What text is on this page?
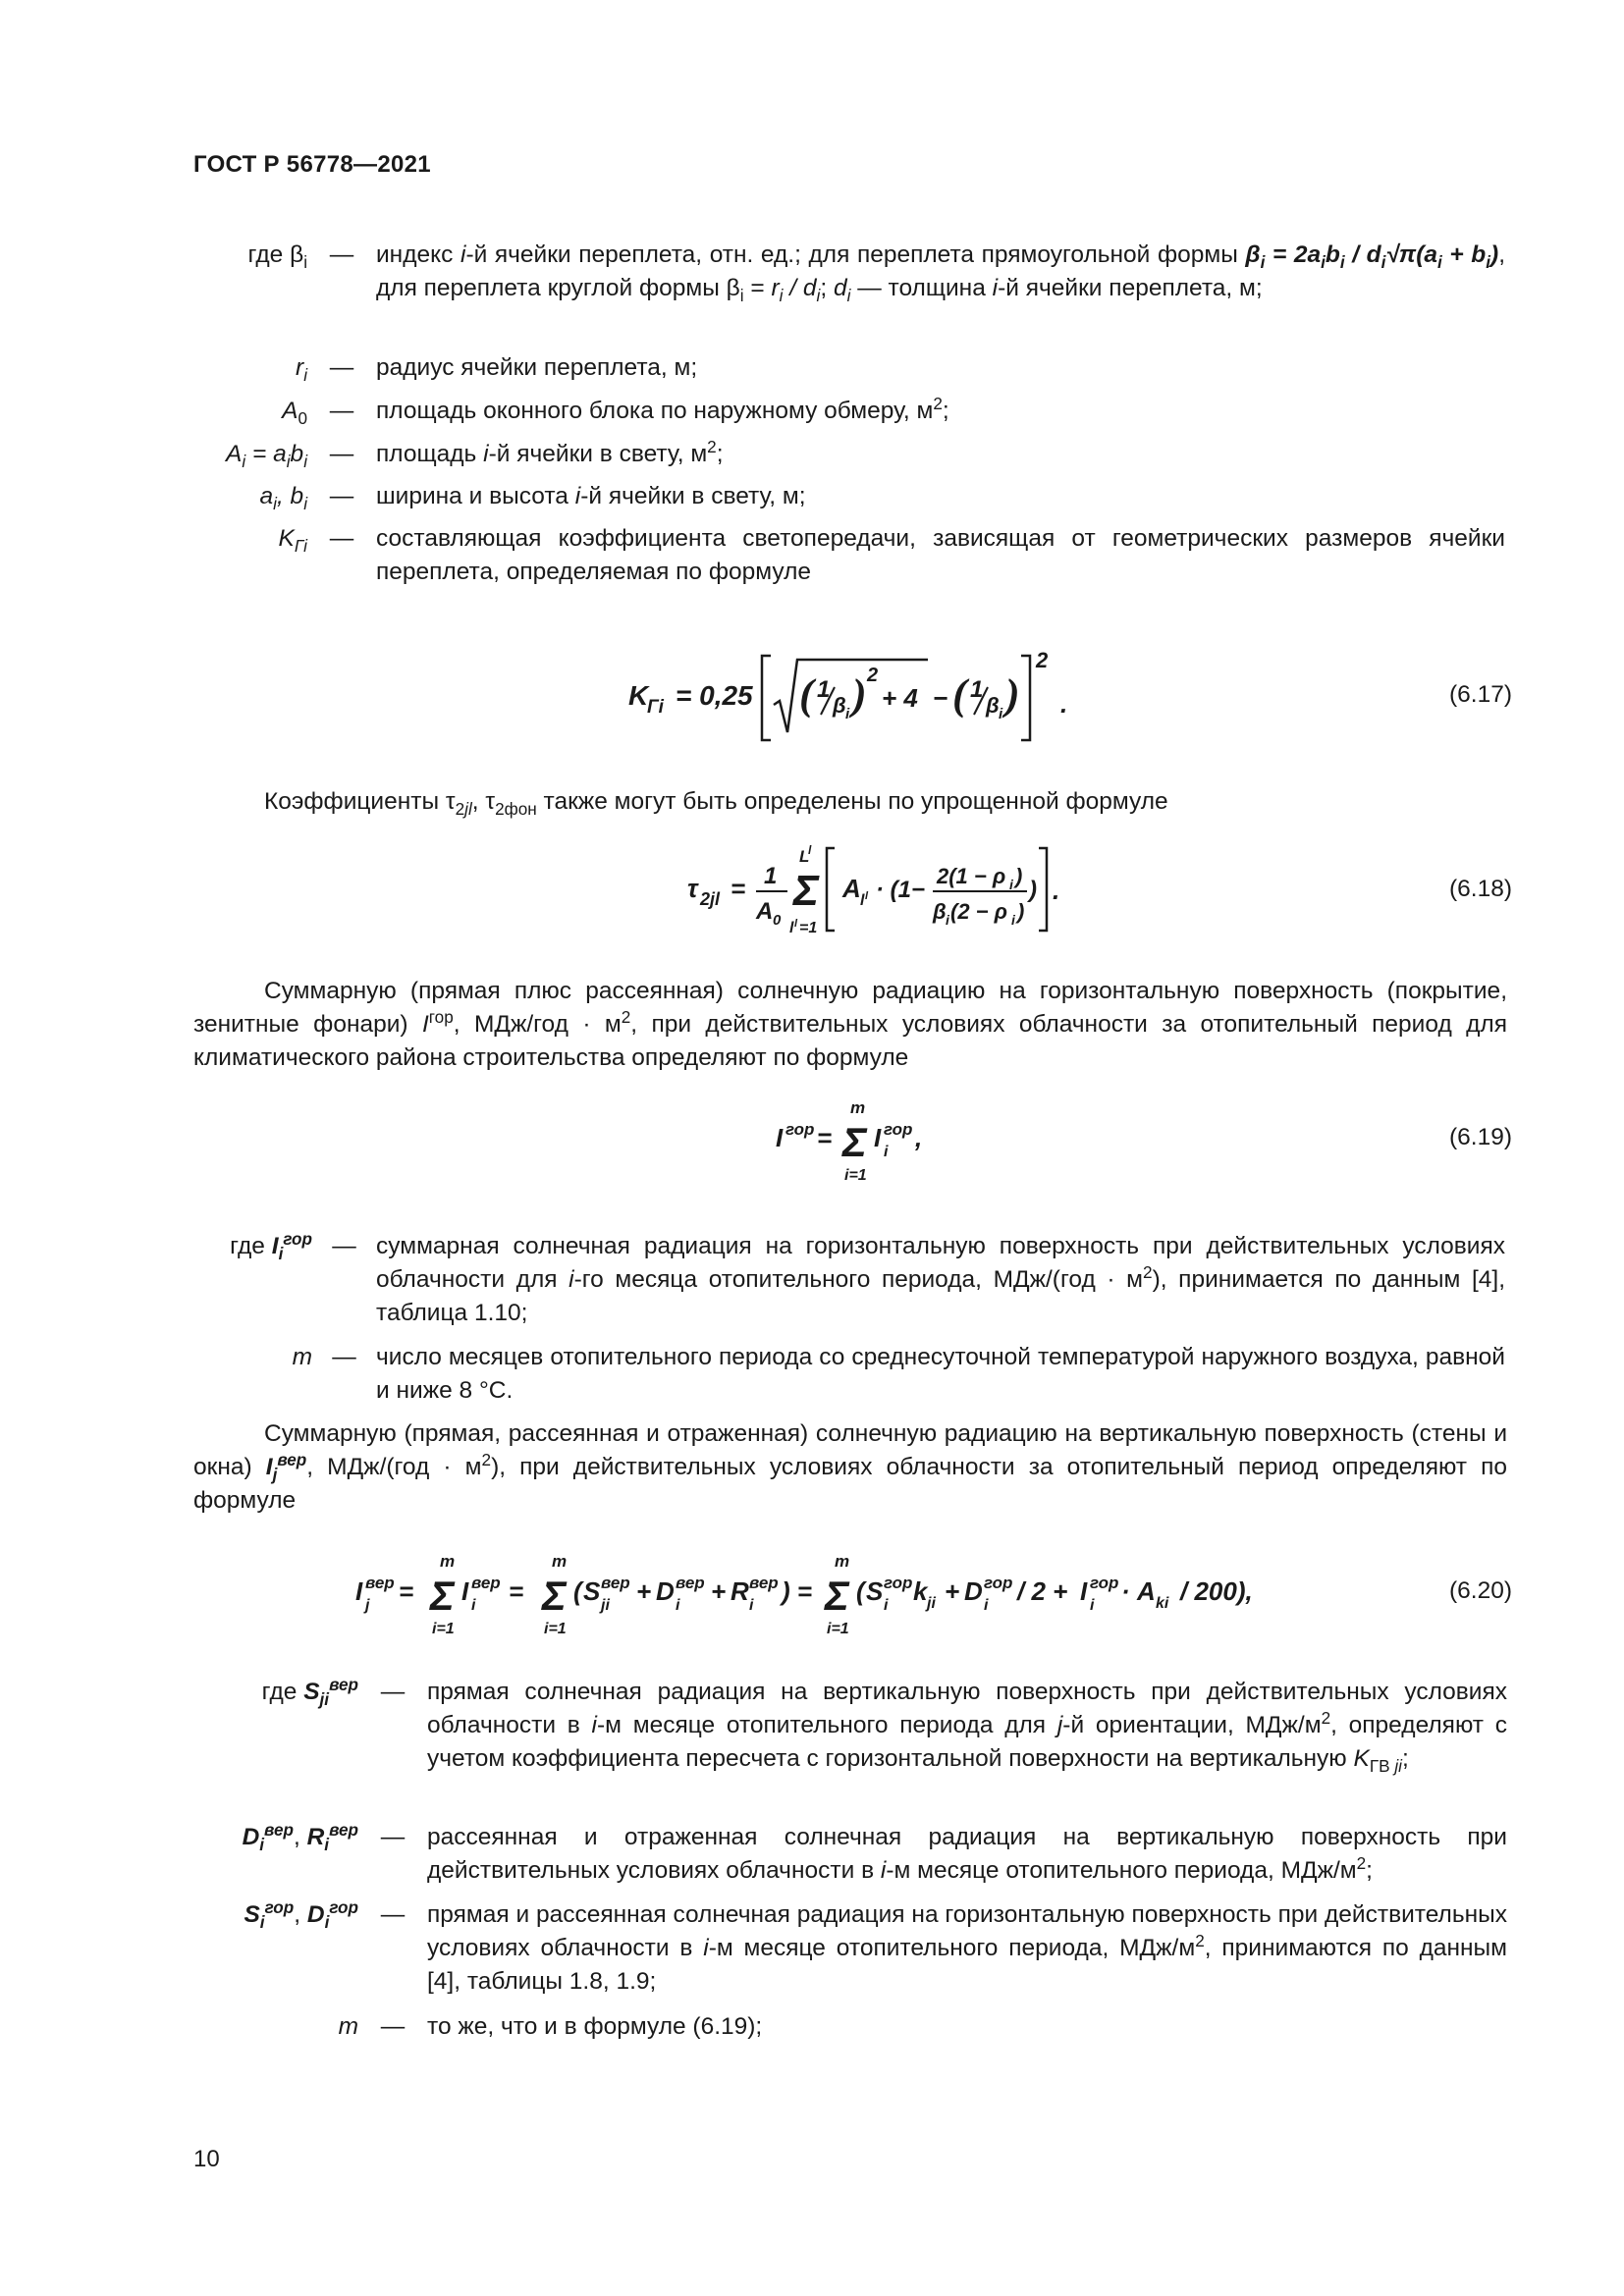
ГОСТ Р 56778—2021
где $\beta_i$ — индекс i-й ячейки переплета, отн. ед.; для переплета прямоугольной формы $\beta_i = 2a_ib_i / d_i√\pi(a_i + b_i)$, для переплета круглой формы $\beta_i = r_i / d_i$; $d_i$ — толщина i-й ячейки переплета, м;
$r_i$ — радиус ячейки переплета, м;
$A_0$ — площадь оконного блока по наружному обмеру, $м^2$;
$A_i = a_ib_i$ — площадь i-й ячейки в свету, $м^2$;
$a_i$, $b_i$ — ширина и высота i-й ячейки в свету, м;
$K_{Гi}$ — составляющая коэффициента светопередачи, зависящая от геометрических размеров ячейки переплета, определяемая по формуле
K
Гi = 0,25 ( 1
β i ) 2
+ 4 − ( 1
β i )
2
.	(6.17)
Коэффициенты $\tau_{2jl}$, $\tau_{2фон}$ также могут быть определены по упрощенной формуле
τ 2jl = 1
A 0
L
l
Σ
l l =1
A l l · (1−
2(1 − ρ i )
β i (2 − ρ i )
) .	(6.18)
Суммарную (прямая плюс рассеянная) солнечную радиацию на горизонтальную поверхность (покрытие, зенитные фонари) $I^{гор}$, $МДж/год \cdot м^2$, при действительных условиях облачности за отопительный период для климатического района строительства определяют по формуле
I гор =
m
Σ
i=1
I гор
i ,	(6.19)
где $I_i^{гор}$ — суммарная солнечная радиация на горизонтальную поверхность при действительных условиях облачности для i-го месяца отопительного периода, $МДж/(год \cdot м^2)$, принимается по данным [4], таблица 1.10;
m — число месяцев отопительного периода со среднесуточной температурой наружного воздуха, равной и ниже 8 °С.
Суммарную (прямая, рассеянная и отраженная) солнечную радиацию на вертикальную поверхность (стены и окна) $I_j^{вер}$, $МДж/(год \cdot м^2)$, при действительных условиях облачности за отопительный период определяют по формуле
I вер
j =
m
Σ
i=1
I вер
i =
m
Σ
i=1
( S вер
ji + D вер
i + R вер
i ) =
m
Σ
i=1
( S гор
i k ji + D гор
i / 2 + I гор
i · A ki / 200),	(6.20)
где $S_{ji}^{вер}$ — прямая солнечная радиация на вертикальную поверхность при действительных условиях облачности в i-м месяце отопительного периода для j-й ориентации, МДж/$м^2$, определяют с учетом коэффициента пересчета с горизонтальной поверхности на вертикальную $K_{ГВ ji}$;
$D_i^{вер}$, $R_i^{вер}$ — рассеянная и отраженная солнечная радиация на вертикальную поверхность при действительных условиях облачности в i-м месяце отопительного периода, МДж/$м^2$;
$S_i^{гор}$, $D_i^{гор}$ — прямая и рассеянная солнечная радиация на горизонтальную поверхность при действительных условиях облачности в i-м месяце отопительного периода, МДж/$м^2$, принимаются по данным [4], таблицы 1.8, 1.9;
m — то же, что и в формуле (6.19);
10
